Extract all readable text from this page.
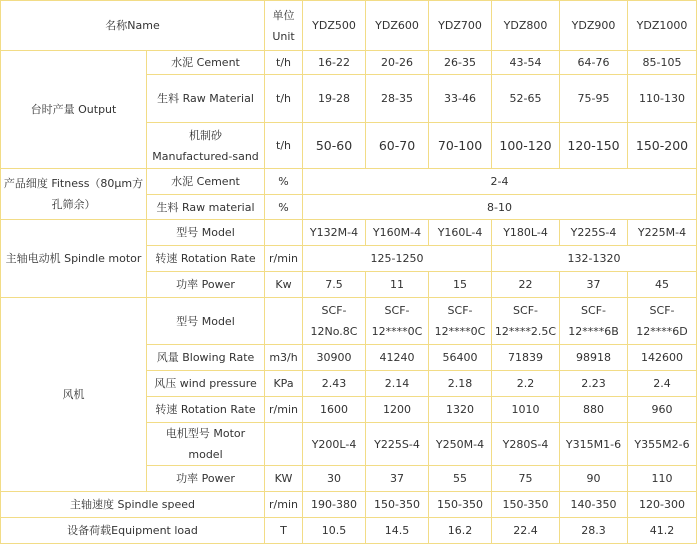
名称Name		单位 Unit	YDZ500	YDZ600	YDZ700	YDZ800	YDZ900	YDZ1000
台时产量 Output	水泥 Cement	t/h	16-22	20-26	26-35	43-54	64-76	85-105
	生料 Raw Material	t/h	19-28	28-35	33-46	52-65	75-95	110-130
	机制砂 Manufactured-sand	t/h	50-60	60-70	70-100	100-120	120-150	150-200
产品细度 Fitness（80μm方孔筛余）	水泥 Cement	%	2-4					
	生料 Raw material	%	8-10					
主轴电动机 Spindle motor	型号 Model		Y132M-4	Y160M-4	Y160L-4	Y180L-4	Y225S-4	Y225M-4
	转速 Rotation Rate	r/min	125-1250			132-1320		
	功率 Power	Kw	7.5	11	15	22	37	45
风机	型号 Model		SCF-12No.8C	SCF-12****0C	SCF-12****0C	SCF-12****2.5C	SCF-12****6B	SCF-12****6D
	风量 Blowing Rate	m3/h	30900	41240	56400	71839	98918	142600
	风压 wind pressure	KPa	2.43	2.14	2.18	2.2	2.23	2.4
	转速 Rotation Rate	r/min	1600	1200	1320	1010	880	960
	电机型号 Motor model		Y200L-4	Y225S-4	Y250M-4	Y280S-4	Y315M1-6	Y355M2-6
	功率 Power	KW	30	37	55	75	90	110
主轴速度 Spindle speed		r/min	190-380	150-350	150-350	150-350	140-350	120-300
设备荷载Equipment load		T	10.5	14.5	16.2	22.4	28.3	41.2
